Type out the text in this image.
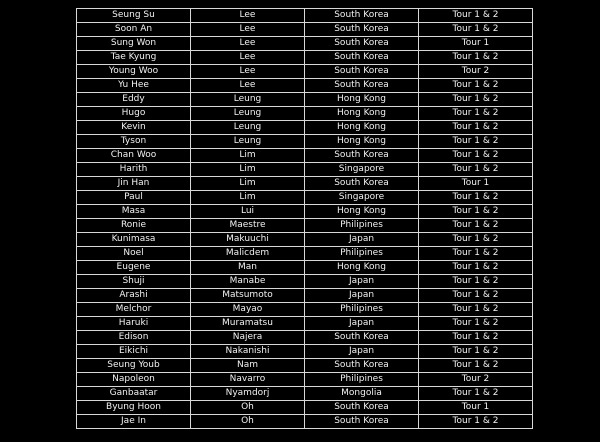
Seung Su	Lee	South Korea	Tour 1 & 2
Soon An	Lee	South Korea	Tour 1 & 2
Sung Won	Lee	South Korea	Tour 1
Tae Kyung	Lee	South Korea	Tour 1 & 2
Young Woo	Lee	South Korea	Tour 2
Yu Hee	Lee	South Korea	Tour 1 & 2
Eddy	Leung	Hong Kong	Tour 1 & 2
Hugo	Leung	Hong Kong	Tour 1 & 2
Kevin	Leung	Hong Kong	Tour 1 & 2
Tyson	Leung	Hong Kong	Tour 1 & 2
Chan Woo	Lim	South Korea	Tour 1 & 2
Harith	Lim	Singapore	Tour 1 & 2
Jin Han	Lim	South Korea	Tour 1
Paul	Lim	Singapore	Tour 1 & 2
Masa	Lui	Hong Kong	Tour 1 & 2
Ronie	Maestre	Philipines	Tour 1 & 2
Kunimasa	Makuuchi	Japan	Tour 1 & 2
Noel	Malicdem	Philipines	Tour 1 & 2
Eugene	Man	Hong Kong	Tour 1 & 2
Shuji	Manabe	Japan	Tour 1 & 2
Arashi	Matsumoto	Japan	Tour 1 & 2
Melchor	Mayao	Philipines	Tour 1 & 2
Haruki	Muramatsu	Japan	Tour 1 & 2
Edison	Najera	South Korea	Tour 1 & 2
Eikichi	Nakanishi	Japan	Tour 1 & 2
Seung Youb	Nam	South Korea	Tour 1 & 2
Napoleon	Navarro	Philipines	Tour 2
Ganbaatar	Nyamdorj	Mongolia	Tour 1 & 2
Byung Hoon	Oh	South Korea	Tour 1
Jae In	Oh	South Korea	Tour 1 & 2
